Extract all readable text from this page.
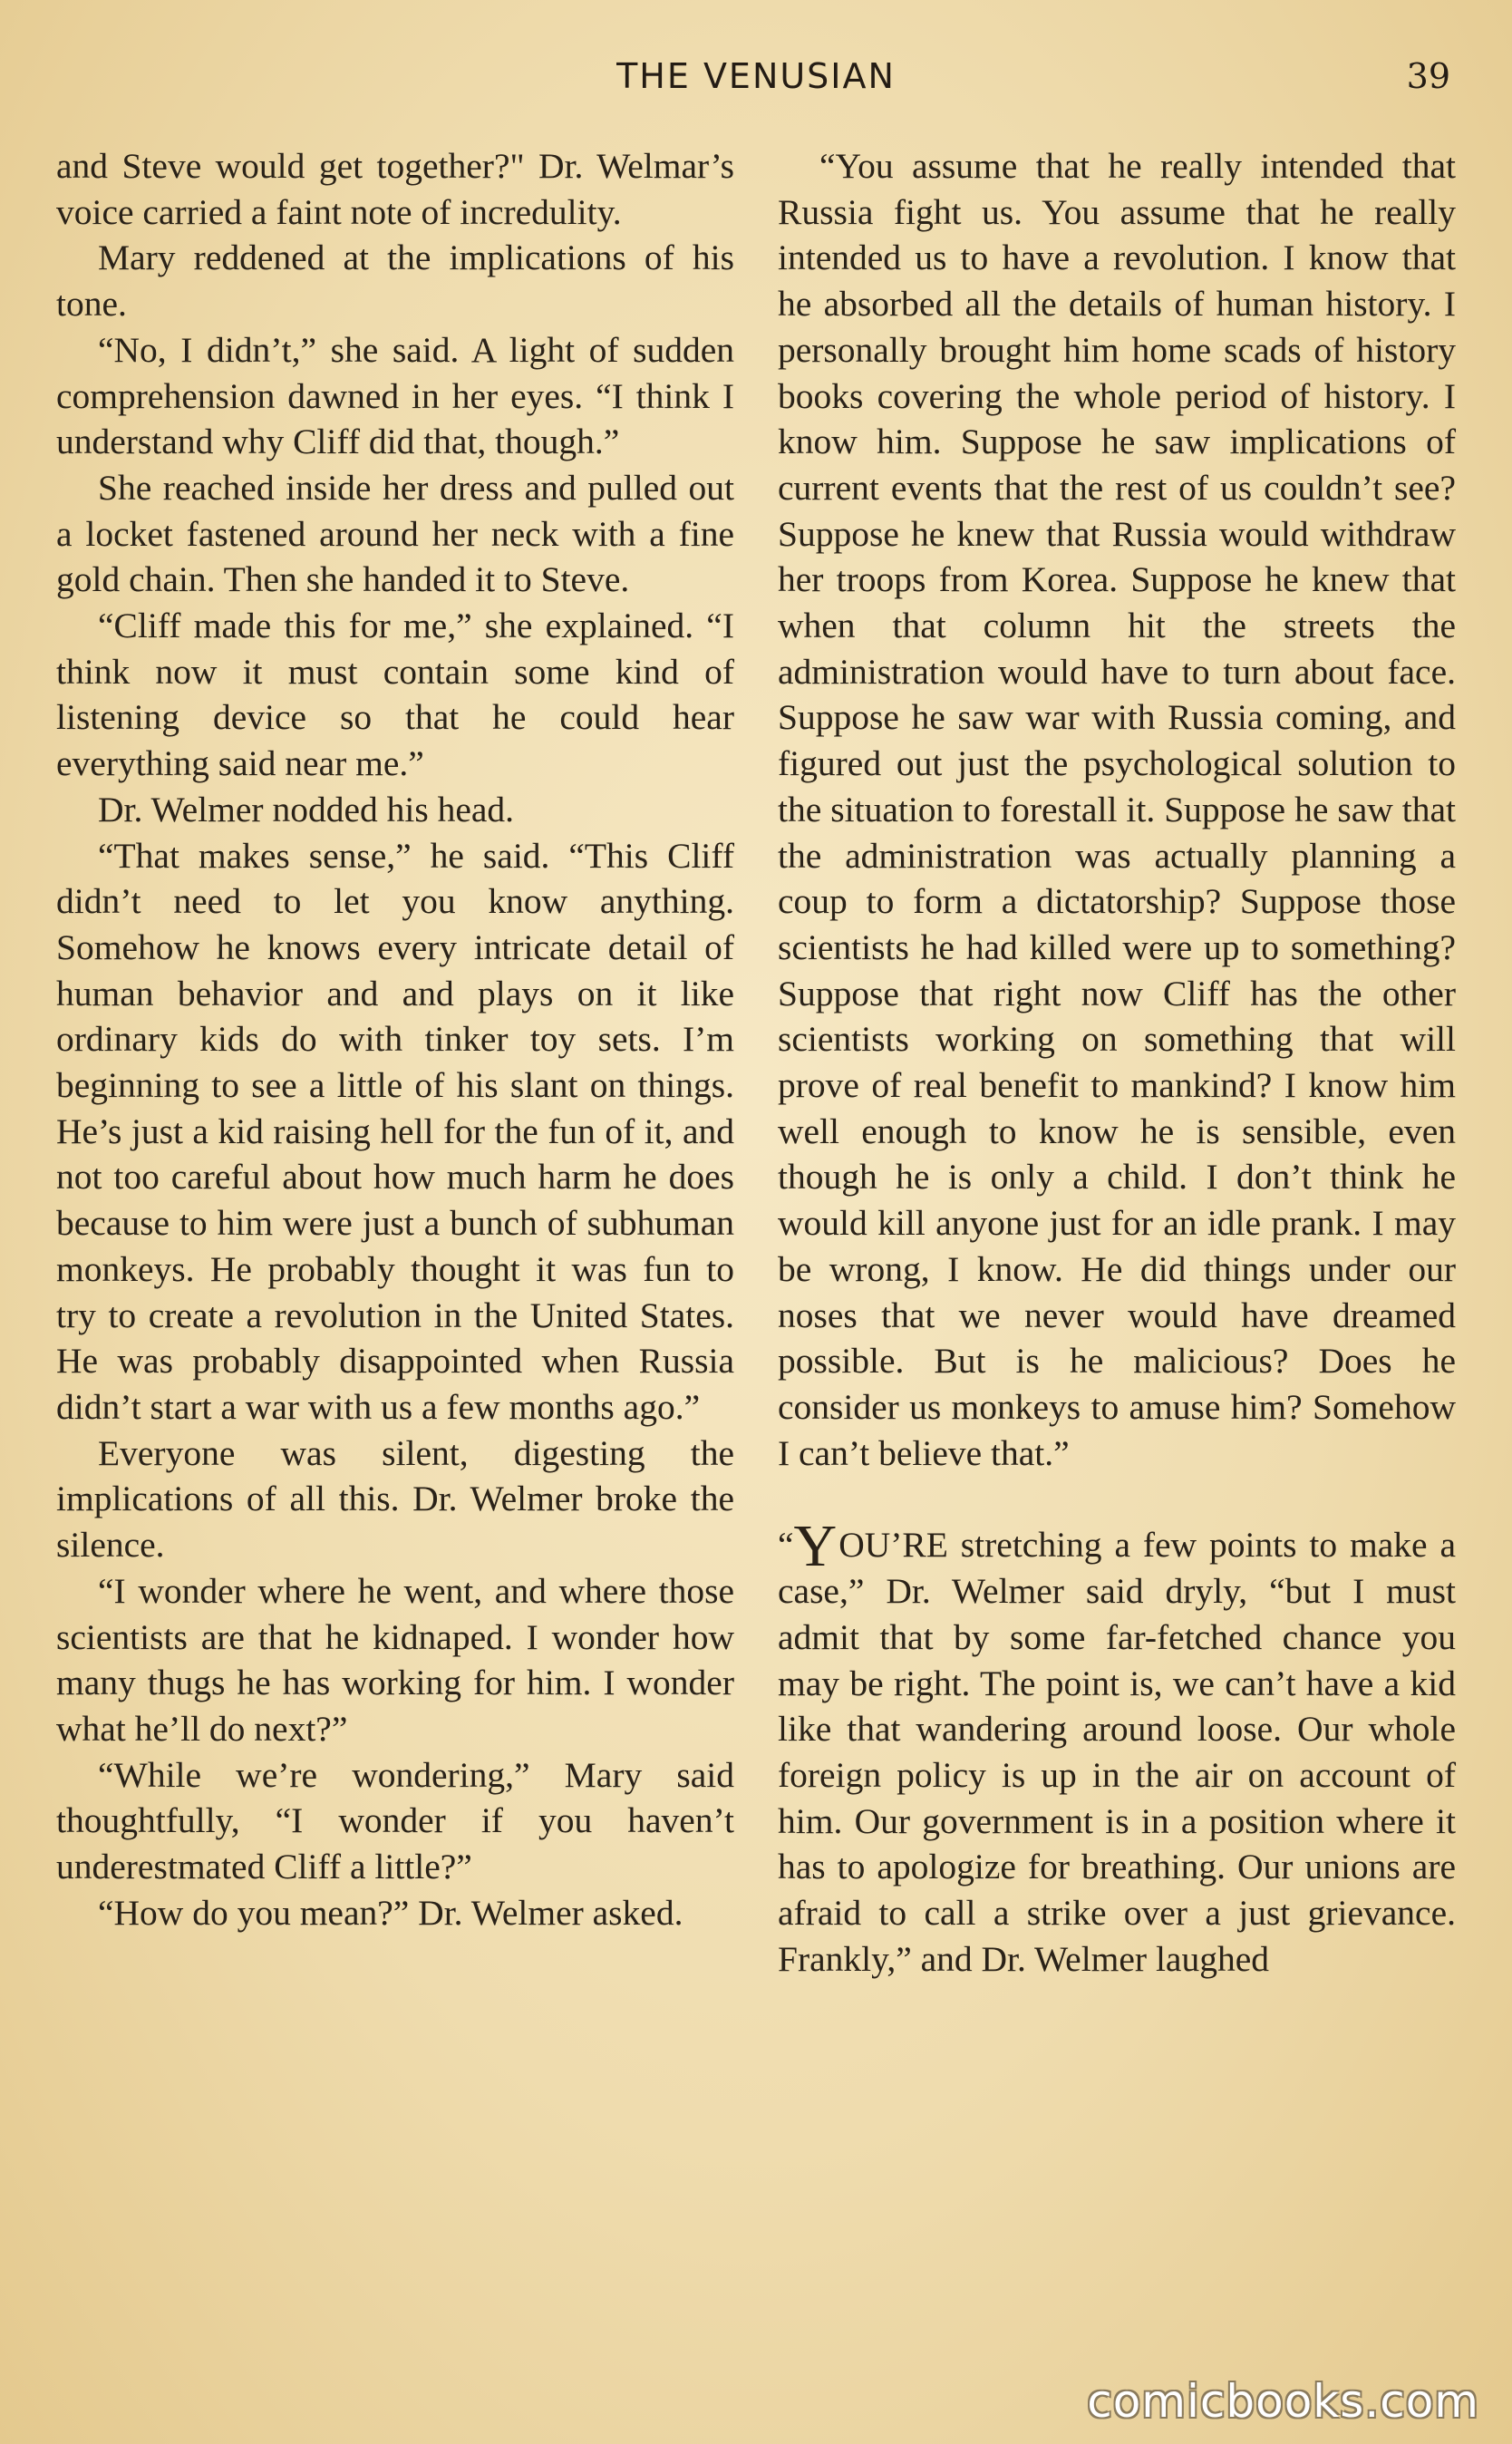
THE VENUSIAN	39

and Steve would get together?" Dr. Welmar’s voice carried a faint note of incredulity.

Mary reddened at the implications of his tone.

“No, I didn’t,” she said. A light of sudden comprehension dawned in her eyes. “I think I understand why Cliff did that, though.”

She reached inside her dress and pulled out a locket fastened around her neck with a fine gold chain. Then she handed it to Steve.

“Cliff made this for me,” she explained. “I think now it must contain some kind of listening device so that he could hear everything said near me.”

Dr. Welmer nodded his head.

“That makes sense,” he said. “This Cliff didn’t need to let you know anything. Somehow he knows every intricate detail of human behavior and and plays on it like ordinary kids do with tinker toy sets. I’m beginning to see a little of his slant on things. He’s just a kid raising hell for the fun of it, and not too careful about how much harm he does because to him were just a bunch of subhuman monkeys. He probably thought it was fun to try to create a revolution in the United States. He was probably disappointed when Russia didn’t start a war with us a few months ago.”

Everyone was silent, digesting the implications of all this. Dr. Welmer broke the silence.

“I wonder where he went, and where those scientists are that he kidnaped. I wonder how many thugs he has working for him. I wonder what he’ll do next?”

“While we’re wondering,” Mary said thoughtfully, “I wonder if you haven’t underestmated Cliff a little?”

“How do you mean?” Dr. Welmer asked.

“You assume that he really intended that Russia fight us. You assume that he really intended us to have a revolution. I know that he absorbed all the details of human history. I personally brought him home scads of history books covering the whole period of history. I know him. Suppose he saw implications of current events that the rest of us couldn’t see? Suppose he knew that Russia would withdraw her troops from Korea. Suppose he knew that when that column hit the streets the administration would have to turn about face. Suppose he saw war with Russia coming, and figured out just the psychological solution to the situation to forestall it. Suppose he saw that the administration was actually planning a coup to form a dictatorship? Suppose those scientists he had killed were up to something? Suppose that right now Cliff has the other scientists working on something that will prove of real benefit to mankind? I know him well enough to know he is sensible, even though he is only a child. I don’t think he would kill anyone just for an idle prank. I may be wrong, I know. He did things under our noses that we never would have dreamed possible. But is he malicious? Does he consider us monkeys to amuse him? Somehow I can’t believe that.”

“YOU’RE stretching a few points to make a case,” Dr. Welmer said dryly, “but I must admit that by some far-fetched chance you may be right. The point is, we can’t have a kid like that wandering around loose. Our whole foreign policy is up in the air on account of him. Our government is in a position where it has to apologize for breathing. Our unions are afraid to call a strike over a just grievance. Frankly,” and Dr. Welmer laughed

comicbooks.com
